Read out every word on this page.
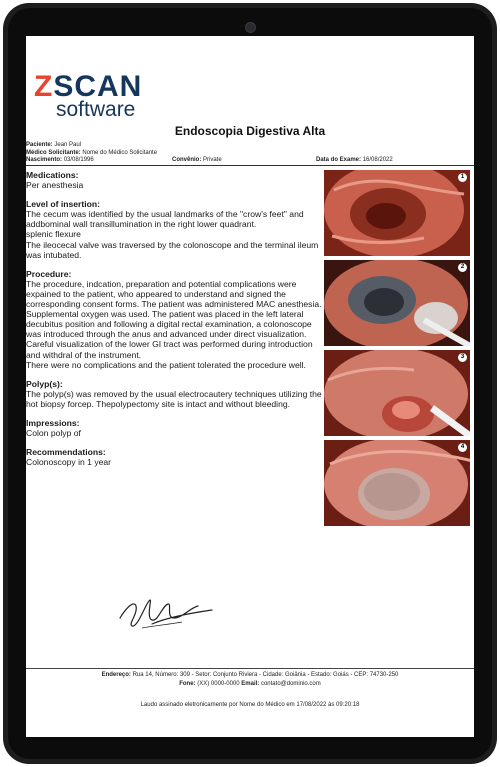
ZSCAN
software
Endoscopia Digestiva Alta
Paciente: Jean Paul
Médico Solicitante: Nome do Médico Solicitante
Nascimento: 03/08/1996	Convênio: Private	Data do Exame: 16/08/2022
Medications:
Per anesthesia
Level of insertion:
The cecum was identified by the usual landmarks of the "crow's feet" and addbominal wall transillumination in the right lower quadrant.
splenic flexure
The ileocecal valve was traversed by the colonoscope and the terminal ileum was intubated.
Procedure:
The procedure, indcation, preparation and potential complications were expained to the patient, who appeared to understand and signed the corresponding consent forms. The patient was administered MAC anesthesia. Supplemental oxygen was used. The patient was placed in the left lateral decubitus position and following a digital rectal examination, a colonoscope was introduced through the anus and advanced under direct visualization. Careful visualization of the lower GI tract was performed during introduction and withdral of the instrument.
There were no complications and the patient tolerated the procedure well.
Polyp(s):
The polyp(s) was removed by the usual electrocautery techniques utilizing the hot biopsy forcep. Thepolypectomy site is intact and without bleeding.
Impressions:
Colon polyp of
Recommendations:
Colonoscopy in 1 year
1
2
3
4
Endereço: Rua 14, Número: 309 - Setor: Conjunto Riviera - Cidade: Goiânia - Estado: Goiás - CEP: 74730-250
Fone: (XX) 0000-0000 Email: contato@dominio.com
Laudo assinado eletronicamente por Nome do Médico em 17/08/2022 às 09:20:18
